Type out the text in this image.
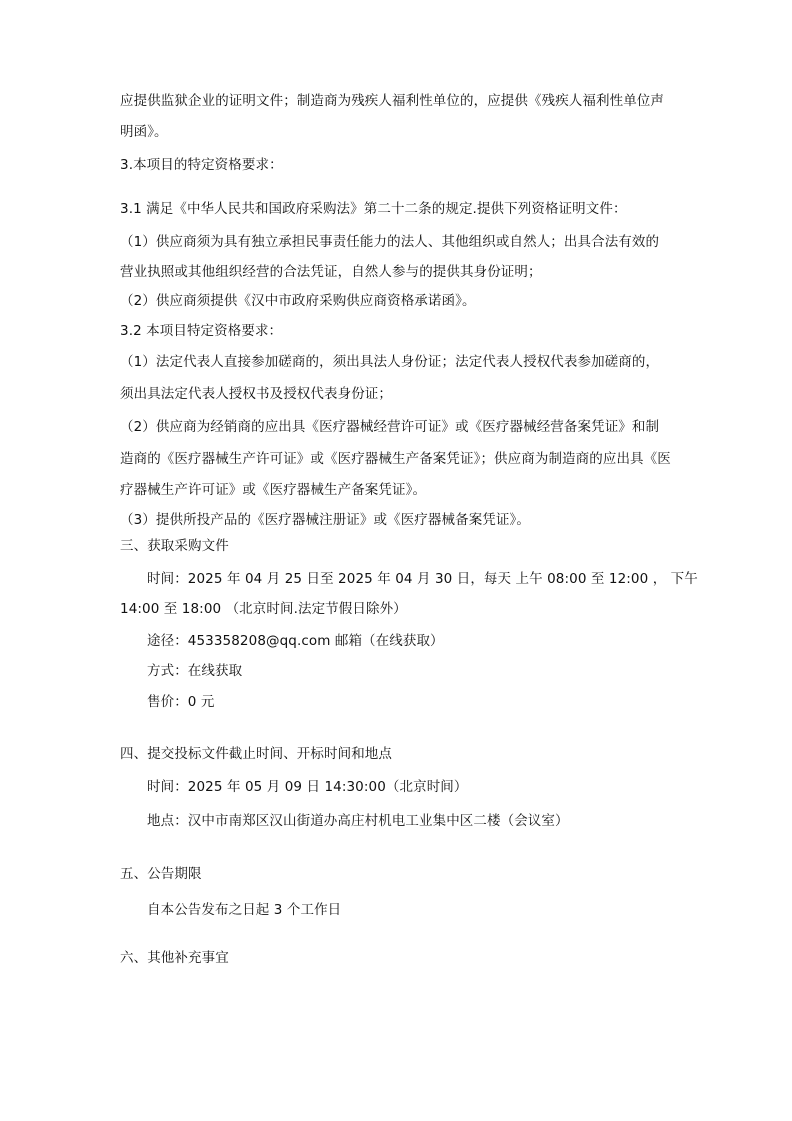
应提供监狱企业的证明文件；制造商为残疾人福利性单位的，应提供《残疾人福利性单位声
明函》。
3.本项目的特定资格要求：
3.1 满足《中华人民共和国政府采购法》第二十二条的规定.提供下列资格证明文件：
（1）供应商须为具有独立承担民事责任能力的法人、其他组织或自然人；出具合法有效的
营业执照或其他组织经营的合法凭证，自然人参与的提供其身份证明；
（2）供应商须提供《汉中市政府采购供应商资格承诺函》。
3.2 本项目特定资格要求：
（1）法定代表人直接参加磋商的，须出具法人身份证；法定代表人授权代表参加磋商的，
须出具法定代表人授权书及授权代表身份证；
（2）供应商为经销商的应出具《医疗器械经营许可证》或《医疗器械经营备案凭证》和制
造商的《医疗器械生产许可证》或《医疗器械生产备案凭证》；供应商为制造商的应出具《医
疗器械生产许可证》或《医疗器械生产备案凭证》。
（3）提供所投产品的《医疗器械注册证》或《医疗器械备案凭证》。
三、获取采购文件
时间：2025 年 04 月 25 日至 2025 年 04 月 30 日，每天 上午 08:00 至 12:00 ， 下午
14:00 至 18:00 （北京时间.法定节假日除外）
途径：453358208@qq.com 邮箱（在线获取）
方式：在线获取
售价：0 元
四、提交投标文件截止时间、开标时间和地点
时间：2025 年 05 月 09 日 14:30:00（北京时间）
地点：汉中市南郑区汉山街道办高庄村机电工业集中区二楼（会议室）
五、公告期限
自本公告发布之日起 3 个工作日
六、其他补充事宜
